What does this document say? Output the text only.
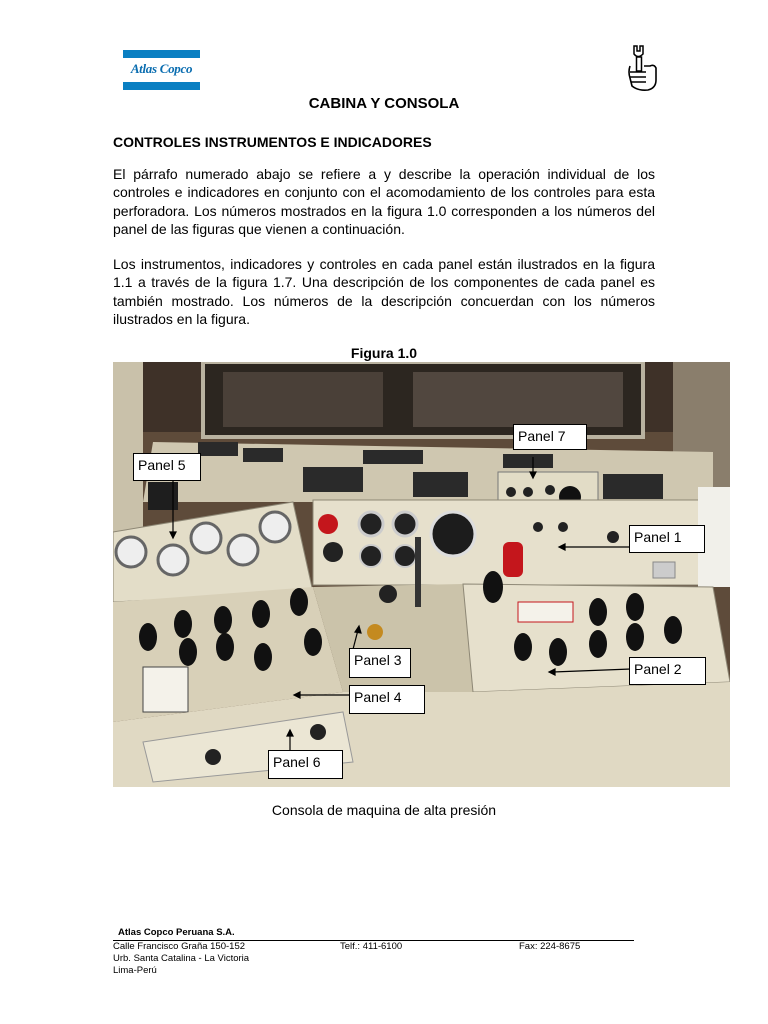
Atlas Copco
CABINA Y CONSOLA
CONTROLES INSTRUMENTOS E INDICADORES

El párrafo numerado abajo se refiere a y describe la operación individual de los controles e indicadores en conjunto con el acomodamiento de los controles para esta perforadora. Los números mostrados en la figura 1.0 corresponden a los números del panel de las figuras que vienen a continuación.

Los instrumentos, indicadores y controles en cada panel están ilustrados en la figura 1.1 a través de la figura 1.7. Una descripción de los componentes de cada panel es también mostrado. Los números de la descripción concuerdan con los números ilustrados en la figura.

Figura 1.0
Panel 7
Panel 5
Panel 1
Panel 3
Panel 2
Panel 4
Panel 6
Consola de maquina de alta presión
Atlas Copco Peruana S.A.
Calle Francisco Graña 150-152
Urb. Santa Catalina - La Victoria
Lima-Perú
Telf.: 411-6100	Fax: 224-8675
